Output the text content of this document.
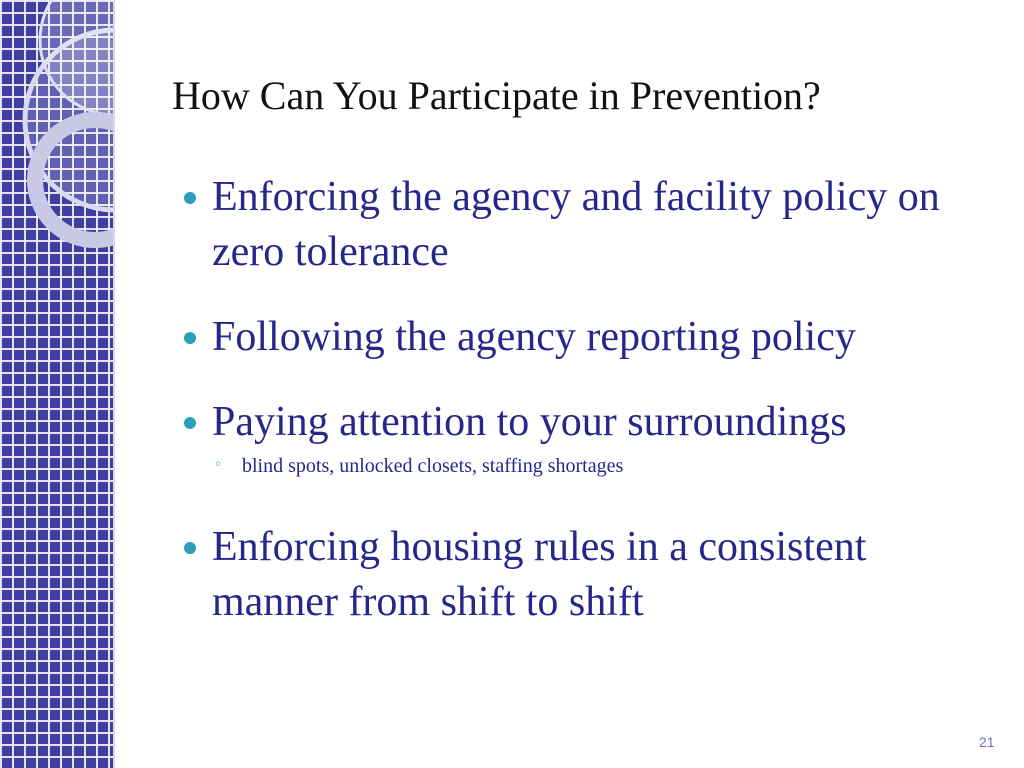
How Can You Participate in Prevention?
Enforcing the agency and facility policy on zero tolerance
Following the agency reporting policy
Paying attention to your surroundings
◦ blind spots, unlocked closets, staffing shortages
Enforcing housing rules in a consistent manner from shift to shift
21
